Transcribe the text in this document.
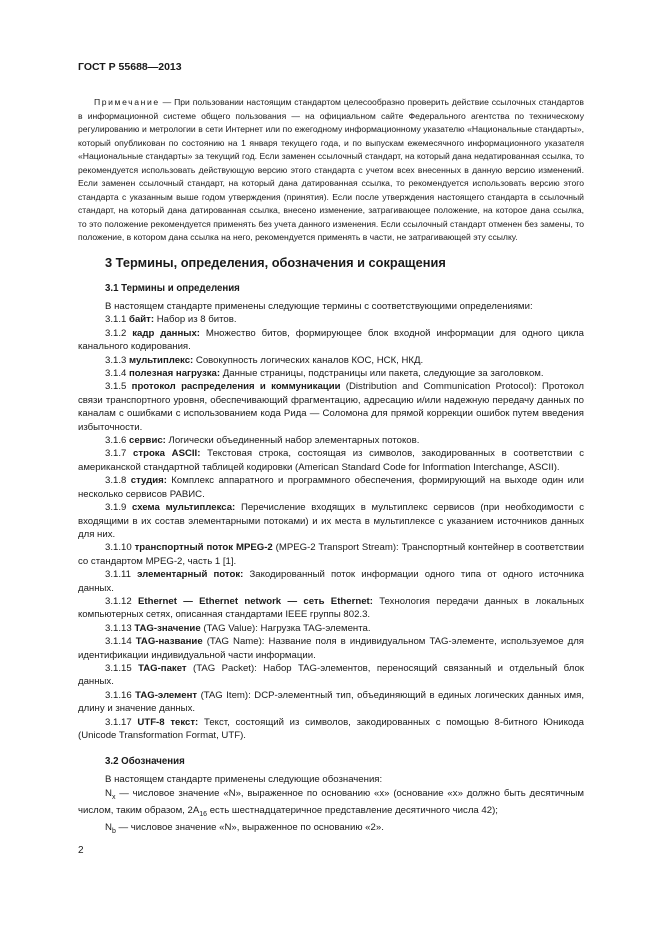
ГОСТ Р 55688—2013

Примечание — При пользовании настоящим стандартом целесообразно проверить действие ссылочных стандартов в информационной системе общего пользования — на официальном сайте Федерального агентства по техническому регулированию и метрологии в сети Интернет или по ежегодному информационному указателю «Национальные стандарты», который опубликован по состоянию на 1 января текущего года, и по выпускам ежемесячного информационного указателя «Национальные стандарты» за текущий год. Если заменен ссылочный стандарт, на который дана недатированная ссылка, то рекомендуется использовать действующую версию этого стандарта с учетом всех внесенных в данную версию изменений. Если заменен ссылочный стандарт, на который дана датированная ссылка, то рекомендуется использовать версию этого стандарта с указанным выше годом утверждения (принятия). Если после утверждения настоящего стандарта в ссылочный стандарт, на который дана датированная ссылка, внесено изменение, затрагивающее положение, на которое дана ссылка, то это положение рекомендуется применять без учета данного изменения. Если ссылочный стандарт отменен без замены, то положение, в котором дана ссылка на него, рекомендуется применять в части, не затрагивающей эту ссылку.

3 Термины, определения, обозначения и сокращения
3.1 Термины и определения

В настоящем стандарте применены следующие термины с соответствующими определениями:

3.1.1 байт: Набор из 8 битов.

3.1.2 кадр данных: Множество битов, формирующее блок входной информации для одного цикла канального кодирования.

3.1.3 мультиплекс: Совокупность логических каналов КОС, НСК, НКД.

3.1.4 полезная нагрузка: Данные страницы, подстраницы или пакета, следующие за заголовком.

3.1.5 протокол распределения и коммуникации (Distribution and Communication Protocol): Протокол связи транспортного уровня, обеспечивающий фрагментацию, адресацию и/или надежную передачу данных по каналам с ошибками с использованием кода Рида — Соломона для прямой коррекции ошибок путем введения избыточности.

3.1.6 сервис: Логически объединенный набор элементарных потоков.

3.1.7 строка ASCII: Текстовая строка, состоящая из символов, закодированных в соответствии с американской стандартной таблицей кодировки (American Standard Code for Information Interchange, ASCII).

3.1.8 студия: Комплекс аппаратного и программного обеспечения, формирующий на выходе один или несколько сервисов РАВИС.

3.1.9 схема мультиплекса: Перечисление входящих в мультиплекс сервисов (при необходимости с входящими в их состав элементарными потоками) и их места в мультиплексе с указанием источников данных для них.

3.1.10 транспортный поток MPEG-2 (MPEG-2 Transport Stream): Транспортный контейнер в соответствии со стандартом MPEG-2, часть 1 [1].

3.1.11 элементарный поток: Закодированный поток информации одного типа от одного источника данных.

3.1.12 Ethernet — Ethernet network — сеть Ethernet: Технология передачи данных в локальных компьютерных сетях, описанная стандартами IEEE группы 802.3.

3.1.13 TAG-значение (TAG Value): Нагрузка TAG-элемента.

3.1.14 TAG-название (TAG Name): Название поля в индивидуальном TAG-элементе, используемое для идентификации индивидуальной части информации.

3.1.15 TAG-пакет (TAG Packet): Набор TAG-элементов, переносящий связанный и отдельный блок данных.

3.1.16 TAG-элемент (TAG Item): DCP-элементный тип, объединяющий в единых логических данных имя, длину и значение данных.

3.1.17 UTF-8 текст: Текст, состоящий из символов, закодированных с помощью 8-битного Юникода (Unicode Transformation Format, UTF).

3.2 Обозначения

В настоящем стандарте применены следующие обозначения:

$N_x$ — числовое значение «N», выраженное по основанию «x» (основание «x» должно быть десятичным числом, таким образом, $2A_{16}$ есть шестнадцатеричное представление десятичного числа 42);

$N_b$ — числовое значение «N», выраженное по основанию «2».

2
